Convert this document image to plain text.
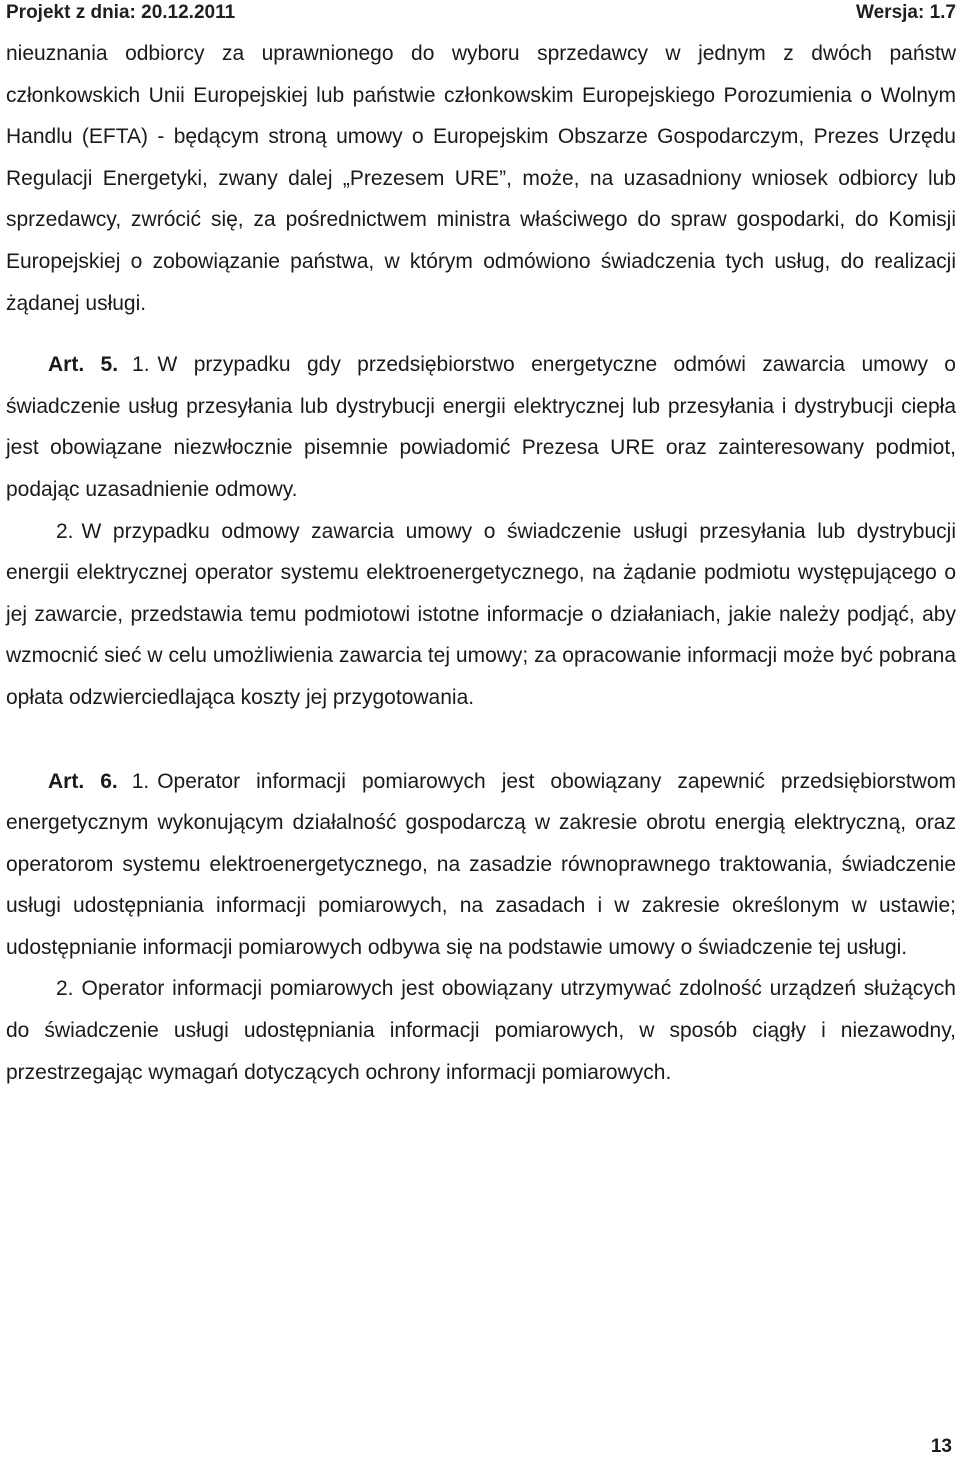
Projekt z dnia: 20.12.2011	Wersja: 1.7

nieuznania odbiorcy za uprawnionego do wyboru sprzedawcy w jednym z dwóch państw członkowskich Unii Europejskiej lub państwie członkowskim Europejskiego Porozumienia o Wolnym Handlu (EFTA) - będącym stroną umowy o Europejskim Obszarze Gospodarczym, Prezes Urzędu Regulacji Energetyki, zwany dalej „Prezesem URE”, może, na uzasadniony wniosek odbiorcy lub sprzedawcy, zwrócić się, za pośrednictwem ministra właściwego do spraw gospodarki, do Komisji Europejskiej o zobowiązanie państwa, w którym odmówiono świadczenia tych usług, do realizacji żądanej usługi.

Art. 5. 1. W przypadku gdy przedsiębiorstwo energetyczne odmówi zawarcia umowy o świadczenie usług przesyłania lub dystrybucji energii elektrycznej lub przesyłania i dystrybucji ciepła jest obowiązane niezwłocznie pisemnie powiadomić Prezesa URE oraz zainteresowany podmiot, podając uzasadnienie odmowy.

2. W przypadku odmowy zawarcia umowy o świadczenie usługi przesyłania lub dystrybucji energii elektrycznej operator systemu elektroenergetycznego, na żądanie podmiotu występującego o jej zawarcie, przedstawia temu podmiotowi istotne informacje o działaniach, jakie należy podjąć, aby wzmocnić sieć w celu umożliwienia zawarcia tej umowy; za opracowanie informacji może być pobrana opłata odzwierciedlająca koszty jej przygotowania.

Art. 6. 1. Operator informacji pomiarowych jest obowiązany zapewnić przedsiębiorstwom energetycznym wykonującym działalność gospodarczą w zakresie obrotu energią elektryczną, oraz operatorom systemu elektroenergetycznego, na zasadzie równoprawnego traktowania, świadczenie usługi udostępniania informacji pomiarowych, na zasadach i w zakresie określonym w ustawie; udostępnianie informacji pomiarowych odbywa się na podstawie umowy o świadczenie tej usługi.

2. Operator informacji pomiarowych jest obowiązany utrzymywać zdolność urządzeń służących do świadczenie usługi udostępniania informacji pomiarowych, w sposób ciągły i niezawodny, przestrzegając wymagań dotyczących ochrony informacji pomiarowych.

13
